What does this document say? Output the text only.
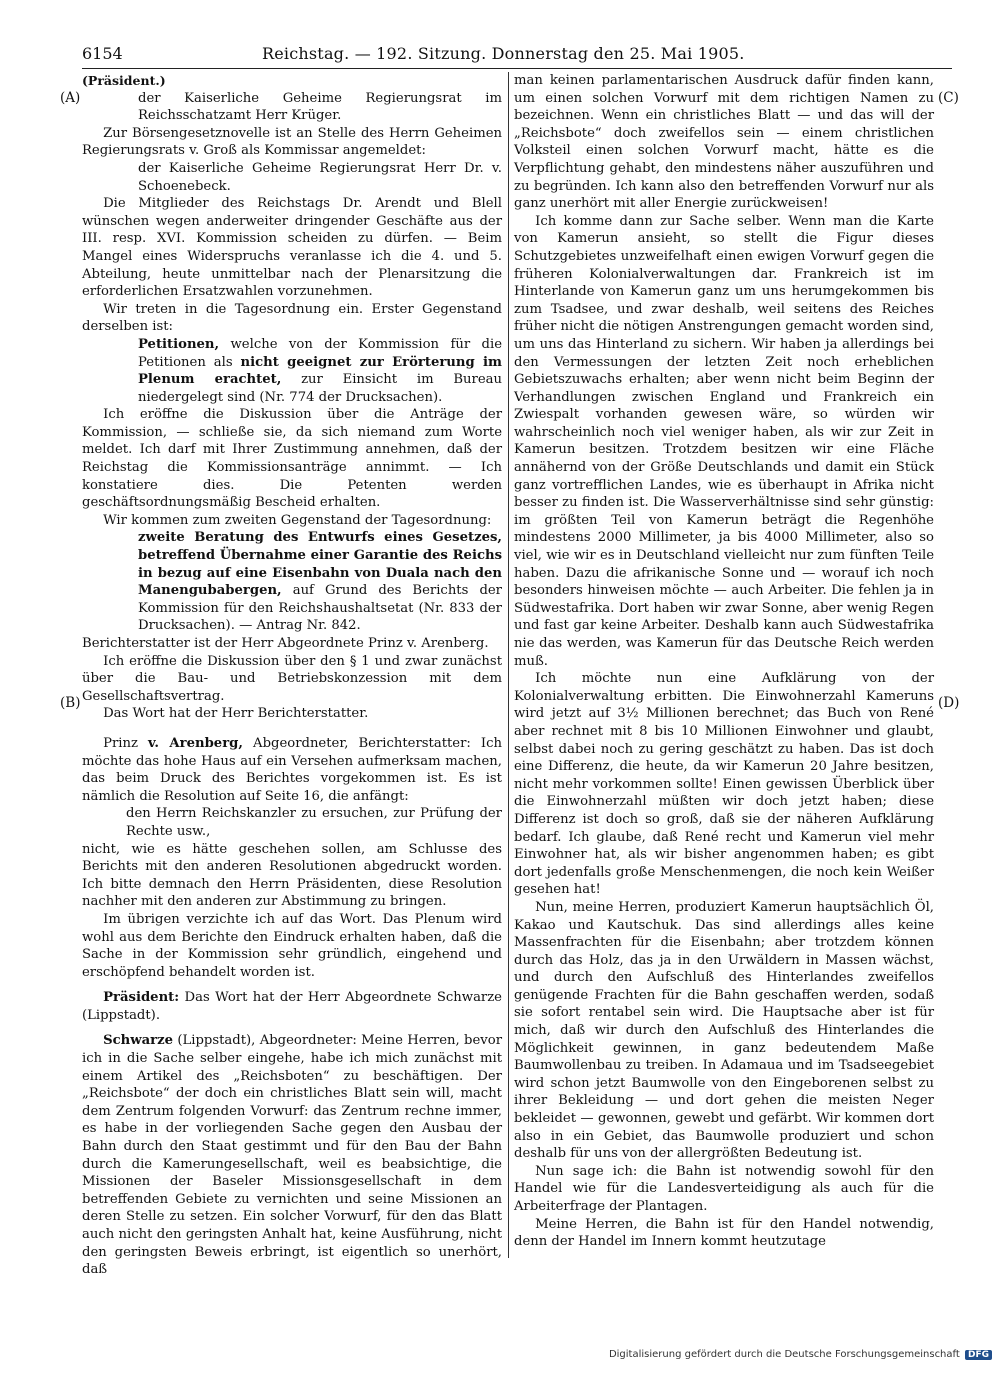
6154	Reichstag. — 192. Sitzung. Donnerstag den 25. Mai 1905.
(A)
(B)
(C)
(D)

(Präsident.)

der Kaiserliche Geheime Regierungsrat im Reichsschatzamt Herr Krüger.

Zur Börsengesetznovelle ist an Stelle des Herrn Geheimen Regierungsrats v. Groß als Kommissar angemeldet:

der Kaiserliche Geheime Regierungsrat Herr Dr. v. Schoenebeck.

Die Mitglieder des Reichstags Dr. Arendt und Blell wünschen wegen anderweiter dringender Geschäfte aus der III. resp. XVI. Kommission scheiden zu dürfen. — Beim Mangel eines Widerspruchs veranlasse ich die 4. und 5. Abteilung, heute unmittelbar nach der Plenarsitzung die erforderlichen Ersatzwahlen vorzunehmen.

Wir treten in die Tagesordnung ein. Erster Gegenstand derselben ist:

Petitionen, welche von der Kommission für die Petitionen als nicht geeignet zur Erörterung im Plenum erachtet, zur Einsicht im Bureau niedergelegt sind (Nr. 774 der Drucksachen).

Ich eröffne die Diskussion über die Anträge der Kommission, — schließe sie, da sich niemand zum Worte meldet. Ich darf mit Ihrer Zustimmung annehmen, daß der Reichstag die Kommissionsanträge annimmt. — Ich konstatiere dies. Die Petenten werden geschäftsordnungsmäßig Bescheid erhalten.

Wir kommen zum zweiten Gegenstand der Tagesordnung:

zweite Beratung des Entwurfs eines Gesetzes, betreffend Übernahme einer Garantie des Reichs in bezug auf eine Eisenbahn von Duala nach den Manengubabergen, auf Grund des Berichts der Kommission für den Reichshaushaltsetat (Nr. 833 der Drucksachen). — Antrag Nr. 842.

Berichterstatter ist der Herr Abgeordnete Prinz v. Arenberg.

Ich eröffne die Diskussion über den § 1 und zwar zunächst über die Bau- und Betriebskonzession mit dem Gesellschaftsvertrag.

Das Wort hat der Herr Berichterstatter.

Prinz v. Arenberg, Abgeordneter, Berichterstatter: Ich möchte das hohe Haus auf ein Versehen aufmerksam machen, das beim Druck des Berichtes vorgekommen ist. Es ist nämlich die Resolution auf Seite 16, die anfängt:

den Herrn Reichskanzler zu ersuchen, zur Prüfung der Rechte usw.,

nicht, wie es hätte geschehen sollen, am Schlusse des Berichts mit den anderen Resolutionen abgedruckt worden. Ich bitte demnach den Herrn Präsidenten, diese Resolution nachher mit den anderen zur Abstimmung zu bringen.

Im übrigen verzichte ich auf das Wort. Das Plenum wird wohl aus dem Berichte den Eindruck erhalten haben, daß die Sache in der Kommission sehr gründlich, eingehend und erschöpfend behandelt worden ist.

Präsident: Das Wort hat der Herr Abgeordnete Schwarze (Lippstadt).

Schwarze (Lippstadt), Abgeordneter: Meine Herren, bevor ich in die Sache selber eingehe, habe ich mich zunächst mit einem Artikel des „Reichsboten“ zu beschäftigen. Der „Reichsbote“ der doch ein christliches Blatt sein will, macht dem Zentrum folgenden Vorwurf: das Zentrum rechne immer, es habe in der vorliegenden Sache gegen den Ausbau der Bahn durch den Staat gestimmt und für den Bau der Bahn durch die Kamerungesellschaft, weil es beabsichtige, die Missionen der Baseler Missionsgesellschaft in dem betreffenden Gebiete zu vernichten und seine Missionen an deren Stelle zu setzen. Ein solcher Vorwurf, für den das Blatt auch nicht den geringsten Anhalt hat, keine Ausführung, nicht den geringsten Beweis erbringt, ist eigentlich so unerhört, daß

man keinen parlamentarischen Ausdruck dafür finden kann, um einen solchen Vorwurf mit dem richtigen Namen zu bezeichnen. Wenn ein christliches Blatt — und das will der „Reichsbote“ doch zweifellos sein — einem christlichen Volksteil einen solchen Vorwurf macht, hätte es die Verpflichtung gehabt, den mindestens näher auszuführen und zu begründen. Ich kann also den betreffenden Vorwurf nur als ganz unerhört mit aller Energie zurückweisen!

Ich komme dann zur Sache selber. Wenn man die Karte von Kamerun ansieht, so stellt die Figur dieses Schutzgebietes unzweifelhaft einen ewigen Vorwurf gegen die früheren Kolonialverwaltungen dar. Frankreich ist im Hinterlande von Kamerun ganz um uns herumgekommen bis zum Tsadsee, und zwar deshalb, weil seitens des Reiches früher nicht die nötigen Anstrengungen gemacht worden sind, um uns das Hinterland zu sichern. Wir haben ja allerdings bei den Vermessungen der letzten Zeit noch erheblichen Gebietszuwachs erhalten; aber wenn nicht beim Beginn der Verhandlungen zwischen England und Frankreich ein Zwiespalt vorhanden gewesen wäre, so würden wir wahrscheinlich noch viel weniger haben, als wir zur Zeit in Kamerun besitzen. Trotzdem besitzen wir eine Fläche annähernd von der Größe Deutschlands und damit ein Stück ganz vortrefflichen Landes, wie es überhaupt in Afrika nicht besser zu finden ist. Die Wasserverhältnisse sind sehr günstig: im größten Teil von Kamerun beträgt die Regenhöhe mindestens 2000 Millimeter, ja bis 4000 Millimeter, also so viel, wie wir es in Deutschland vielleicht nur zum fünften Teile haben. Dazu die afrikanische Sonne und — worauf ich noch besonders hinweisen möchte — auch Arbeiter. Die fehlen ja in Südwestafrika. Dort haben wir zwar Sonne, aber wenig Regen und fast gar keine Arbeiter. Deshalb kann auch Südwestafrika nie das werden, was Kamerun für das Deutsche Reich werden muß.

Ich möchte nun eine Aufklärung von der Kolonialverwaltung erbitten. Die Einwohnerzahl Kameruns wird jetzt auf 3½ Millionen berechnet; das Buch von René aber rechnet mit 8 bis 10 Millionen Einwohner und glaubt, selbst dabei noch zu gering geschätzt zu haben. Das ist doch eine Differenz, die heute, da wir Kamerun 20 Jahre besitzen, nicht mehr vorkommen sollte! Einen gewissen Überblick über die Einwohnerzahl müßten wir doch jetzt haben; diese Differenz ist doch so groß, daß sie der näheren Aufklärung bedarf. Ich glaube, daß René recht und Kamerun viel mehr Einwohner hat, als wir bisher angenommen haben; es gibt dort jedenfalls große Menschenmengen, die noch kein Weißer gesehen hat!

Nun, meine Herren, produziert Kamerun hauptsächlich Öl, Kakao und Kautschuk. Das sind allerdings alles keine Massenfrachten für die Eisenbahn; aber trotzdem können durch das Holz, das ja in den Urwäldern in Massen wächst, und durch den Aufschluß des Hinterlandes zweifellos genügende Frachten für die Bahn geschaffen werden, sodaß sie sofort rentabel sein wird. Die Hauptsache aber ist für mich, daß wir durch den Aufschluß des Hinterlandes die Möglichkeit gewinnen, in ganz bedeutendem Maße Baumwollenbau zu treiben. In Adamaua und im Tsadseegebiet wird schon jetzt Baumwolle von den Eingeborenen selbst zu ihrer Bekleidung — und dort gehen die meisten Neger bekleidet — gewonnen, gewebt und gefärbt. Wir kommen dort also in ein Gebiet, das Baumwolle produziert und schon deshalb für uns von der allergrößten Bedeutung ist.

Nun sage ich: die Bahn ist notwendig sowohl für den Handel wie für die Landesverteidigung als auch für die Arbeiterfrage der Plantagen.

Meine Herren, die Bahn ist für den Handel notwendig, denn der Handel im Innern kommt heutzutage

Digitalisierung gefördert durch die Deutsche Forschungsgemeinschaft DFG
